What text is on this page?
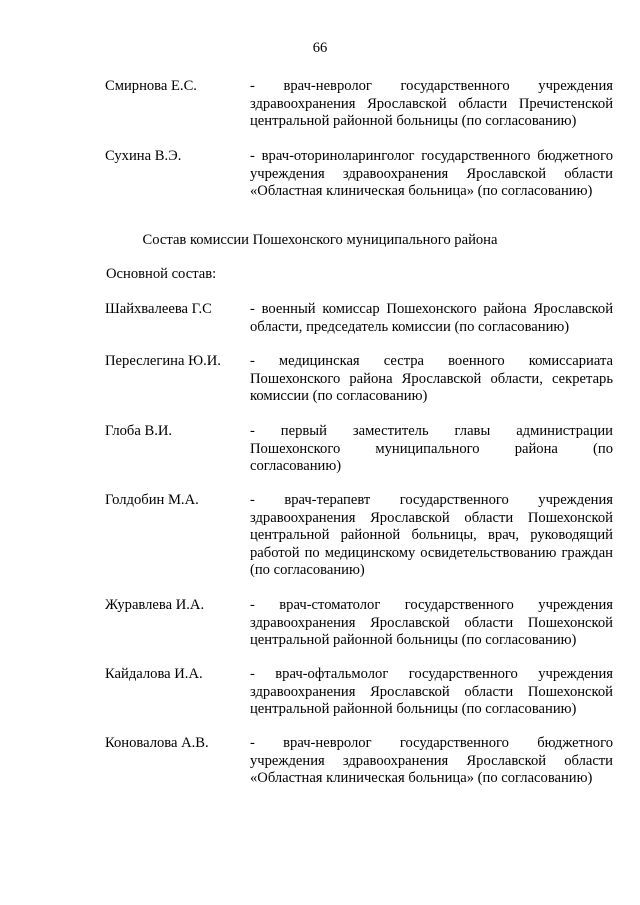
66
Смирнова Е.С.	- врач-невролог государственного учреждения здравоохранения Ярославской области Пречистенской центральной районной больницы (по согласованию)
Сухина В.Э.	- врач-оториноларинголог государственного бюджетного учреждения здравоохранения Ярославской области «Областная клиническая больница» (по согласованию)
Состав комиссии Пошехонского муниципального района
Основной состав:
Шайхвалеева Г.С	- военный комиссар Пошехонского района Ярославской области, председатель комиссии (по согласованию)
Переслегина Ю.И.	- медицинская сестра военного комиссариата Пошехонского района Ярославской области, секретарь комиссии (по согласованию)
Глоба В.И.	- первый заместитель главы администрации Пошехонского муниципального района (по согласованию)
Голдобин М.А.	- врач-терапевт государственного учреждения здравоохранения Ярославской области Пошехонской центральной районной больницы, врач, руководящий работой по медицинскому освидетельствованию граждан (по согласованию)
Журавлева И.А.	- врач-стоматолог государственного учреждения здравоохранения Ярославской области Пошехонской центральной районной больницы (по согласованию)
Кайдалова И.А.	- врач-офтальмолог государственного учреждения здравоохранения Ярославской области Пошехонской центральной районной больницы (по согласованию)
Коновалова А.В.	- врач-невролог государственного бюджетного учреждения здравоохранения Ярославской области «Областная клиническая больница» (по согласованию)
